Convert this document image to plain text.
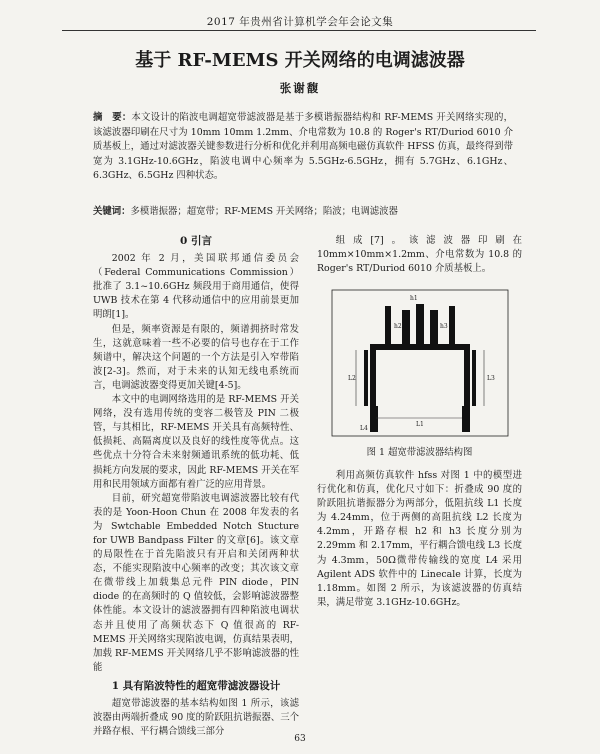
2017 年贵州省计算机学会年会论文集
基于 RF-MEMS 开关网络的电调滤波器
张谢馥
摘　要：本文设计的陷波电调超宽带滤波器是基于多模谐振器结构和 RF-MEMS 开关网络实现的，该滤波器印刷在尺寸为 10mm 10mm 1.2mm、介电常数为 10.8 的 Roger's RT/Duriod 6010 介质基板上，通过对滤波器关键参数进行分析和优化并利用高频电磁仿真软件 HFSS 仿真，最终得到带宽为 3.1GHz-10.6GHz，陷波电调中心频率为 5.5GHz-6.5GHz，拥有 5.7GHz、6.1GHz、6.3GHz、6.5GHz 四种状态。
关键词：多模谐振器；超宽带；RF-MEMS 开关网络；陷波；电调滤波器
0 引言

2002 年 2 月，美国联邦通信委员会（Federal Communications Commission）批准了 3.1~10.6GHz 频段用于商用通信，使得 UWB 技术在第 4 代移动通信中的应用前景更加明朗[1]。

但是，频率资源是有限的，频谱拥挤时常发生，这就意味着一些不必要的信号也存在于工作频谱中，解决这个问题的一个方法是引入窄带陷波[2-3]。然而，对于未来的认知无线电系统而言，电调滤波器变得更加关键[4-5]。

本文中的电调网络选用的是 RF-MEMS 开关网络，没有选用传统的变容二极管及 PIN 二极管，与其相比，RF-MEMS 开关具有高频特性、低损耗、高隔离度以及良好的线性度等优点。这些优点十分符合未来射频通讯系统的低功耗、低损耗方向发展的要求，因此 RF-MEMS 开关在军用和民用领域方面都有着广泛的应用背景。

目前，研究超宽带陷波电调滤波器比较有代表的是 Yoon-Hoon Chun 在 2008 年发表的名为 Swtchable Embedded Notch Stucture for UWB Bandpass Filter 的文章[6]。该文章的局限性在于首先陷波只有开启和关闭两种状态，不能实现陷波中心频率的改变；其次该文章在微带线上加载集总元件 PIN diode，PIN diode 的在高频时的 Q 值较低，会影响滤波器整体性能。本文设计的滤波器拥有四种陷波电调状态并且使用了高频状态下 Q 值很高的 RF-MEMS 开关网络实现陷波电调，仿真结果表明，加载 RF-MEMS 开关网络几乎不影响滤波器的性能

1 具有陷波特性的超宽带滤波器设计

超宽带滤波器的基本结构如图 1 所示，该滤波器由两端折叠成 90 度的阶跃阻抗谐振器、三个并路存根、平行耦合馈线三部分

组成[7]。该滤波器印刷在 10mm×10mm×1.2mm、介电常数为 10.8 的 Roger's RT/Duriod 6010 介质基板上。

L2	L3
L1
h2
h1
h3
L4
图 1 超宽带滤波器结构图

利用高频仿真软件 hfss 对图 1 中的模型进行优化和仿真，优化尺寸如下：折叠成 90 度的阶跃阻抗谐振器分为两部分，低阻抗线 L1 长度为 4.24mm，位于两侧的高阻抗线 L2 长度为 4.2mm，开路存根 h2 和 h3 长度分别为 2.29mm 和 2.17mm，平行耦合馈电线 L3 长度为 4.3mm，50Ω微带传输线的宽度 L4 采用 Agilent ADS 软件中的 Linecale 计算，长度为 1.18mm。如图 2 所示，为该滤波器的仿真结果，满足带宽 3.1GHz-10.6GHz。

63
